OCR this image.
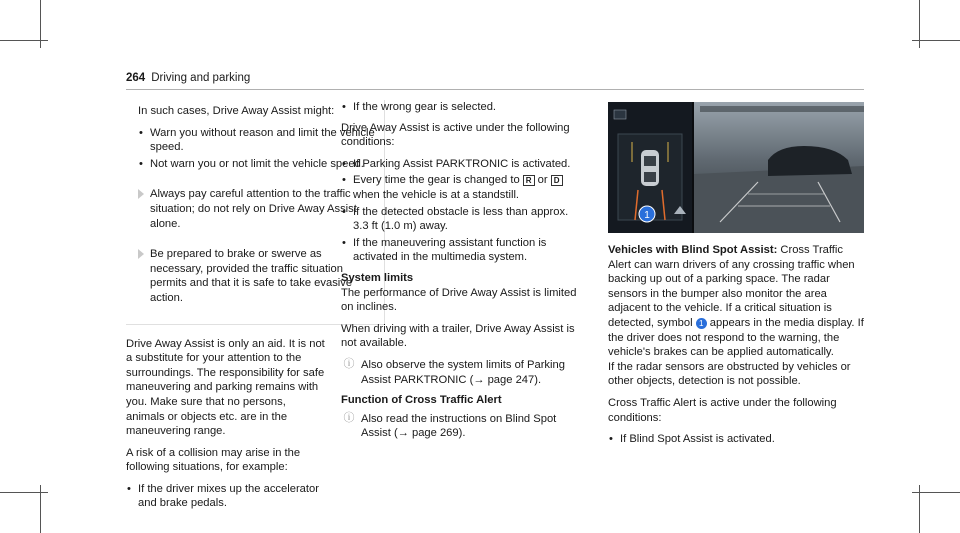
264 Driving and parking

In such cases, Drive Away Assist might:

• Warn you without reason and limit the vehicle speed.
• Not warn you or not limit the vehicle speed.
Always pay careful attention to the traffic situation; do not rely on Drive Away Assist alone.
Be prepared to brake or swerve as necessary, provided the traffic situation permits and that it is safe to take evasive action.

Drive Away Assist is only an aid. It is not a substitute for your attention to the surroundings. The responsibility for safe maneuvering and parking remains with you. Make sure that no persons, animals or objects etc. are in the maneuvering range.

A risk of a collision may arise in the following situations, for example:

• If the driver mixes up the accelerator and brake pedals.
• If the wrong gear is selected.

Drive Away Assist is active under the following conditions:

• If Parking Assist PARKTRONIC is activated.
• Every time the gear is changed to R or D when the vehicle is at a standstill.
• If the detected obstacle is less than approx. 3.3 ft (1.0 m) away.
• If the maneuvering assistant function is activated in the multimedia system.
System limits

The performance of Drive Away Assist is limited on inclines.

When driving with a trailer, Drive Away Assist is not available.

ⓘ Also observe the system limits of Parking Assist PARKTRONIC (→ page 247).
Function of Cross Traffic Alert
ⓘ Also read the instructions on Blind Spot Assist (→ page 269).
1

Vehicles with Blind Spot Assist: Cross Traffic Alert can warn drivers of any crossing traffic when backing up out of a parking space. The radar sensors in the bumper also monitor the area adjacent to the vehicle. If a critical situation is detected, symbol 1 appears in the media display. If the driver does not respond to the warning, the vehicle's brakes can be applied automatically.

If the radar sensors are obstructed by vehicles or other objects, detection is not possible.

Cross Traffic Alert is active under the following conditions:

• If Blind Spot Assist is activated.
